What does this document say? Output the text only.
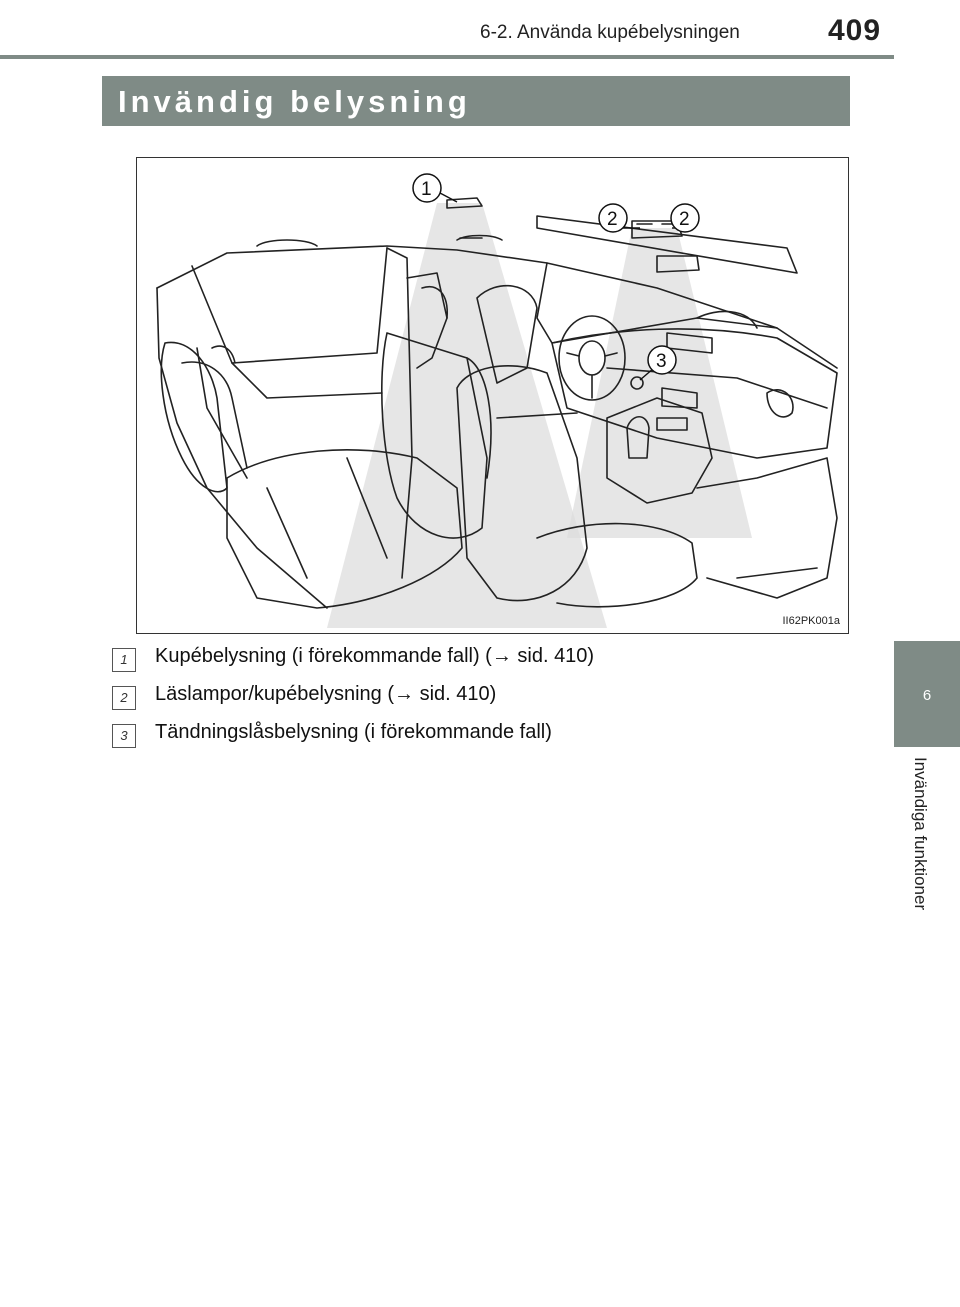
6-2. Använda kupébelysningen	409
Invändig belysning
6
Invändiga funktioner
1
2	2
3
II62PK001a
1	Kupébelysning (i förekommande fall) (→ sid. 410)
2	Läslampor/kupébelysning (→ sid. 410)
3	Tändningslåsbelysning (i förekommande fall)
